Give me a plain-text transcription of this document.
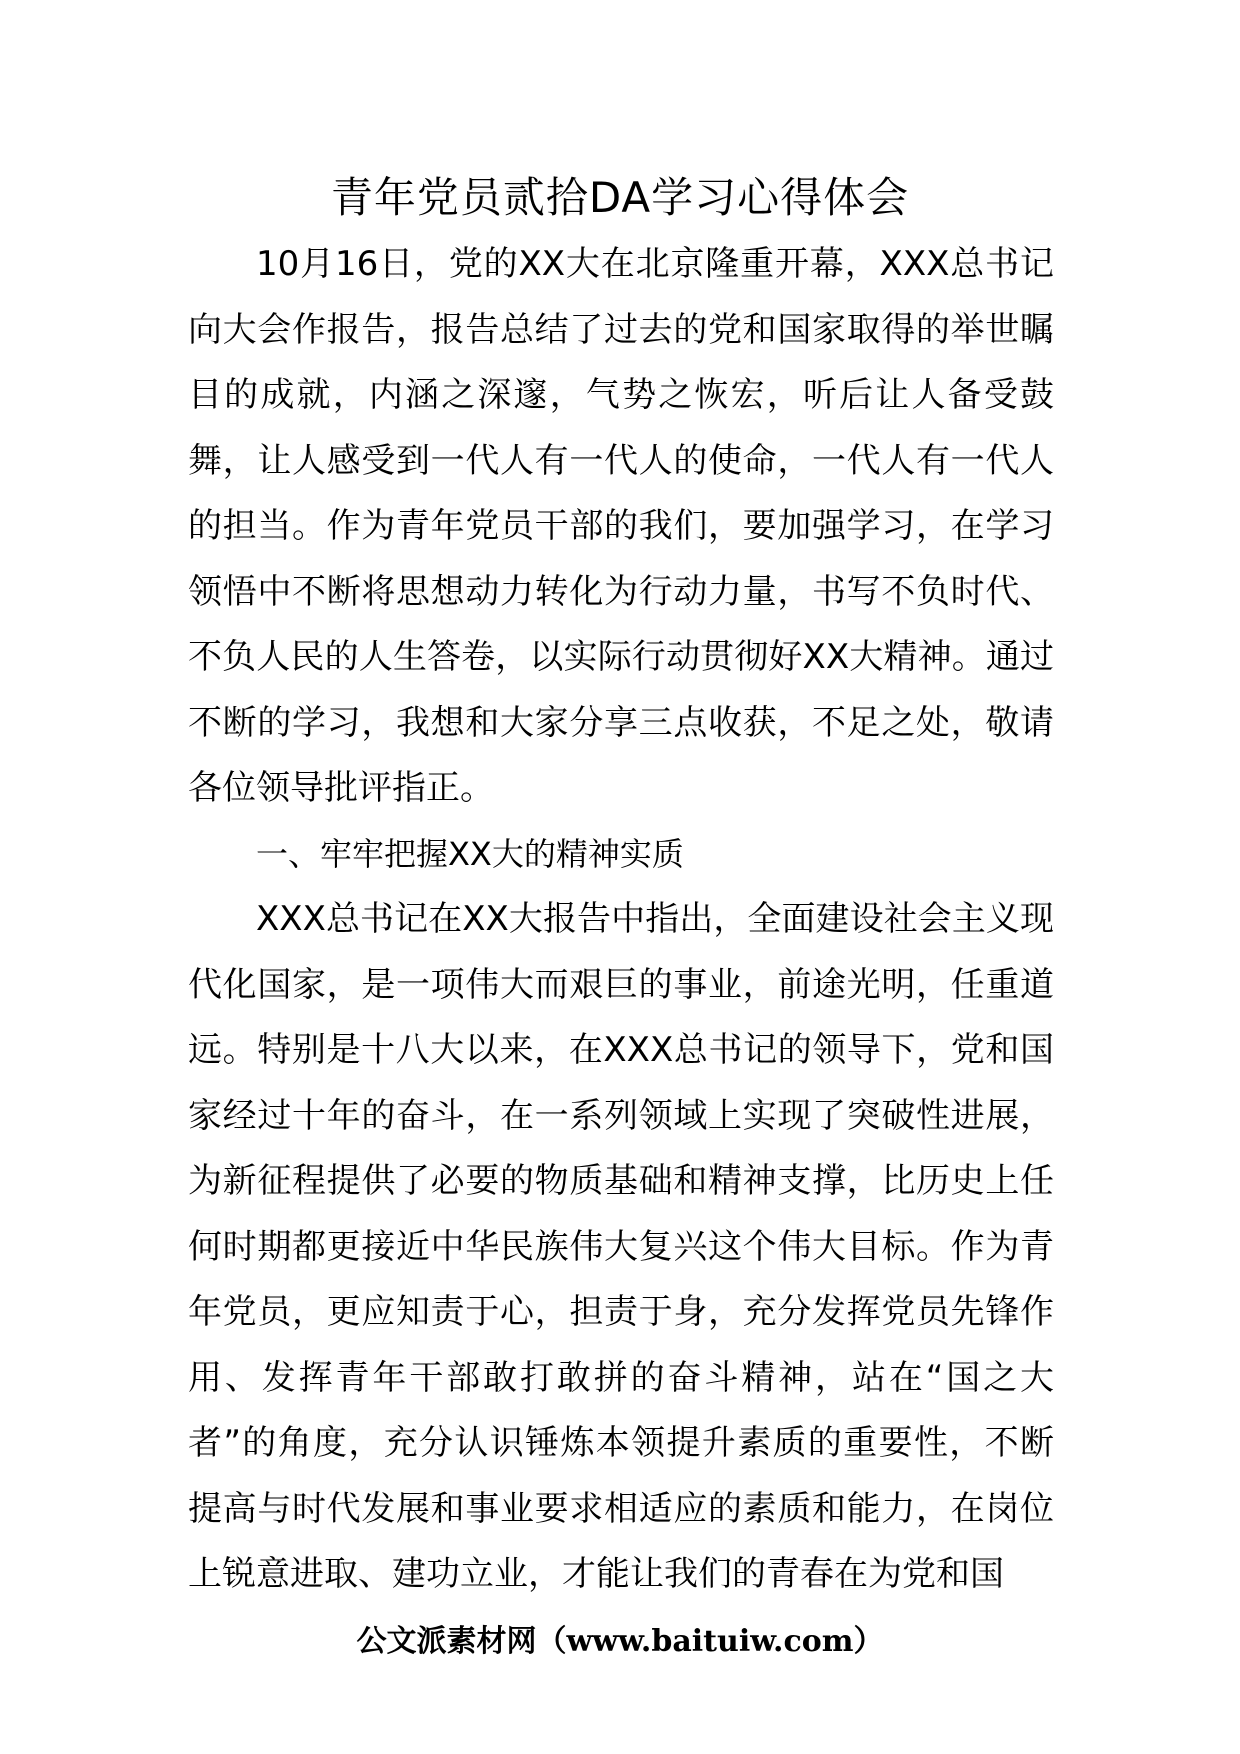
青年党员贰拾DA学习心得体会

10月16日，党的XX大在北京隆重开幕，XXX总书记向大会作报告，报告总结了过去的党和国家取得的举世瞩目的成就，内涵之深邃，气势之恢宏，听后让人备受鼓舞，让人感受到一代人有一代人的使命，一代人有一代人的担当。作为青年党员干部的我们，要加强学习，在学习领悟中不断将思想动力转化为行动力量，书写不负时代、不负人民的人生答卷，以实际行动贯彻好XX大精神。通过不断的学习，我想和大家分享三点收获，不足之处，敬请各位领导批评指正。

一、牢牢把握XX大的精神实质

XXX总书记在XX大报告中指出，全面建设社会主义现代化国家，是一项伟大而艰巨的事业，前途光明，任重道远。特别是十八大以来，在XXX总书记的领导下，党和国家经过十年的奋斗，在一系列领域上实现了突破性进展，为新征程提供了必要的物质基础和精神支撑，比历史上任何时期都更接近中华民族伟大复兴这个伟大目标。作为青年党员，更应知责于心，担责于身，充分发挥党员先锋作用、发挥青年干部敢打敢拼的奋斗精神，站在“国之大者”的角度，充分认识锤炼本领提升素质的重要性，不断提高与时代发展和事业要求相适应的素质和能力，在岗位上锐意进取、建功立业，才能让我们的青春在为党和国

公文派素材网（www.baituiw.com）
